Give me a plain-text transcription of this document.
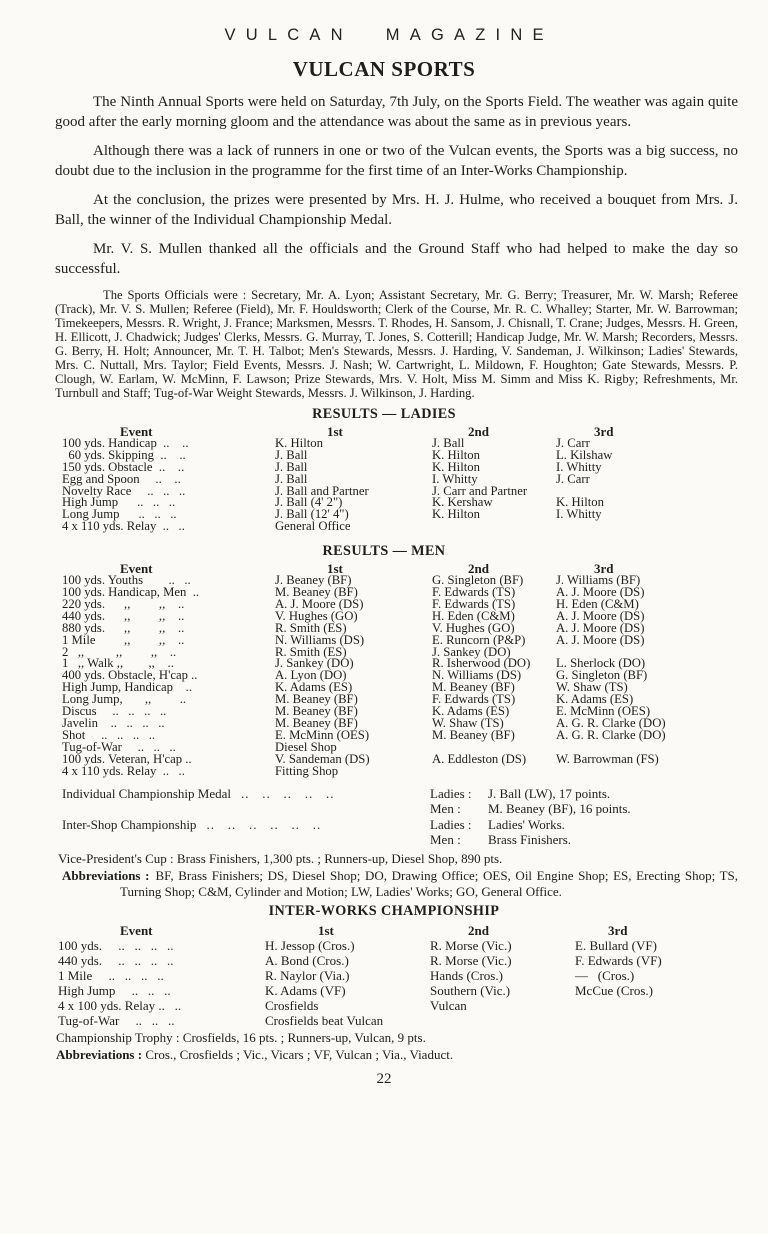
VULCAN MAGAZINE
VULCAN SPORTS

The Ninth Annual Sports were held on Saturday, 7th July, on the Sports Field. The weather was again quite good after the early morning gloom and the attendance was about the same as in previous years.

Although there was a lack of runners in one or two of the Vulcan events, the Sports was a big success, no doubt due to the inclusion in the programme for the first time of an Inter-Works Championship.

At the conclusion, the prizes were presented by Mrs. H. J. Hulme, who received a bouquet from Mrs. J. Ball, the winner of the Individual Championship Medal.

Mr. V. S. Mullen thanked all the officials and the Ground Staff who had helped to make the day so successful.

The Sports Officials were : Secretary, Mr. A. Lyon; Assistant Secretary, Mr. G. Berry; Treasurer, Mr. W. Marsh; Referee (Track), Mr. V. S. Mullen; Referee (Field), Mr. F. Houldsworth; Clerk of the Course, Mr. R. C. Whalley; Starter, Mr. W. Barrowman; Timekeepers, Messrs. R. Wright, J. France; Marksmen, Messrs. T. Rhodes, H. Sansom, J. Chisnall, T. Crane; Judges, Messrs. H. Green, H. Ellicott, J. Chadwick; Judges' Clerks, Messrs. G. Murray, T. Jones, S. Cotterill; Handicap Judge, Mr. W. Marsh; Recorders, Messrs. G. Berry, H. Holt; Announcer, Mr. T. H. Talbot; Men's Stewards, Messrs. J. Harding, V. Sandeman, J. Wilkinson; Ladies' Stewards, Mrs. C. Nuttall, Mrs. Taylor; Field Events, Messrs. J. Nash; W. Cartwright, L. Mildown, F. Houghton; Gate Stewards, Messrs. P. Clough, W. Earlam, W. McMinn, F. Lawson; Prize Stewards, Mrs. V. Holt, Miss M. Simm and Miss K. Rigby; Refreshments, Mr. Turnbull and Staff; Tug-of-War Weight Stewards, Messrs. J. Wilkinson, J. Harding.

RESULTS — LADIES
Event	1st	2nd	3rd
100 yds. Handicap  ..    ..	K. Hilton	J. Ball	J. Carr
60 yds. Skipping  ..    ..	J. Ball	K. Hilton	L. Kilshaw
150 yds. Obstacle  ..    ..	J. Ball	K. Hilton	I. Whitty
Egg and Spoon     ..    ..	J. Ball	I. Whitty	J. Carr
Novelty Race     ..   ..   ..	J. Ball and Partner	J. Carr and Partner
High Jump      ..   ..   ..	J. Ball (4' 2")	K. Kershaw	K. Hilton
Long Jump      ..   ..   ..	J. Ball (12' 4")	K. Hilton	I. Whitty
4 x 110 yds. Relay  ..   ..	General Office
RESULTS — MEN
Event	1st	2nd	3rd
100 yds. Youths        ..   ..	J. Beaney (BF)	G. Singleton (BF)	J. Williams (BF)
100 yds. Handicap, Men  ..	M. Beaney (BF)	F. Edwards (TS)	A. J. Moore (DS)
220 yds.      ,,         ,,    ..	A. J. Moore (DS)	F. Edwards (TS)	H. Eden (C&M)
440 yds.      ,,         ,,    ..	V. Hughes (GO)	H. Eden (C&M)	A. J. Moore (DS)
880 yds.      ,,         ,,    ..	R. Smith (ES)	V. Hughes (GO)	A. J. Moore (DS)
1 Mile         ,,         ,,    ..	N. Williams (DS)	E. Runcorn (P&P)	A. J. Moore (DS)
2   ,,          ,,         ,,    ..	R. Smith (ES)	J. Sankey (DO)
1   ,, Walk ,,        ,,    ..	J. Sankey (DO)	R. Isherwood (DO)	L. Sherlock (DO)
400 yds. Obstacle, H'cap ..	A. Lyon (DO)	N. Williams (DS)	G. Singleton (BF)
High Jump, Handicap    ..	K. Adams (ES)	M. Beaney (BF)	W. Shaw (TS)
Long Jump,       ,,         ..	M. Beaney (BF)	F. Edwards (TS)	K. Adams (ES)
Discus     ..   ..   ..   ..	M. Beaney (BF)	K. Adams (ES)	E. McMinn (OES)
Javelin    ..   ..   ..   ..	M. Beaney (BF)	W. Shaw (TS)	A. G. R. Clarke (DO)
Shot     ..   ..   ..   ..	E. McMinn (OES)	M. Beaney (BF)	A. G. R. Clarke (DO)
Tug-of-War     ..   ..   ..	Diesel Shop
100 yds. Veteran, H'cap ..	V. Sandeman (DS)	A. Eddleston (DS)	W. Barrowman (FS)
4 x 110 yds. Relay  ..   ..	Fitting Shop
Individual Championship Medal ..   ..   ..   ..   ..	Ladies : J. Ball (LW), 17 points.
Men : M. Beaney (BF), 16 points.
Inter-Shop Championship ..   ..   ..   ..   ..   ..	Ladies : Ladies' Works.
Men : Brass Finishers.
Vice-President's Cup : Brass Finishers, 1,300 pts. ; Runners-up, Diesel Shop, 890 pts.

Abbreviations : BF, Brass Finishers; DS, Diesel Shop; DO, Drawing Office; OES, Oil Engine Shop; ES, Erecting Shop; TS, Turning Shop; C&M, Cylinder and Motion; LW, Ladies' Works; GO, General Office.

INTER-WORKS CHAMPIONSHIP
Event	1st	2nd	3rd
100 yds.     ..   ..   ..   ..	H. Jessop (Cros.)	R. Morse (Vic.)	E. Bullard (VF)
440 yds.     ..   ..   ..   ..	A. Bond (Cros.)	R. Morse (Vic.)	F. Edwards (VF)
1 Mile     ..   ..   ..   ..	R. Naylor (Via.)	Hands (Cros.)	—   (Cros.)
High Jump     ..   ..   ..	K. Adams (VF)	Southern (Vic.)	McCue (Cros.)
4 x 100 yds. Relay ..   ..	Crosfields	Vulcan
Tug-of-War     ..   ..   ..	Crosfields beat Vulcan
Championship Trophy : Crosfields, 16 pts. ; Runners-up, Vulcan, 9 pts.
Abbreviations : Cros., Crosfields ; Vic., Vicars ; VF, Vulcan ; Via., Viaduct.
22
